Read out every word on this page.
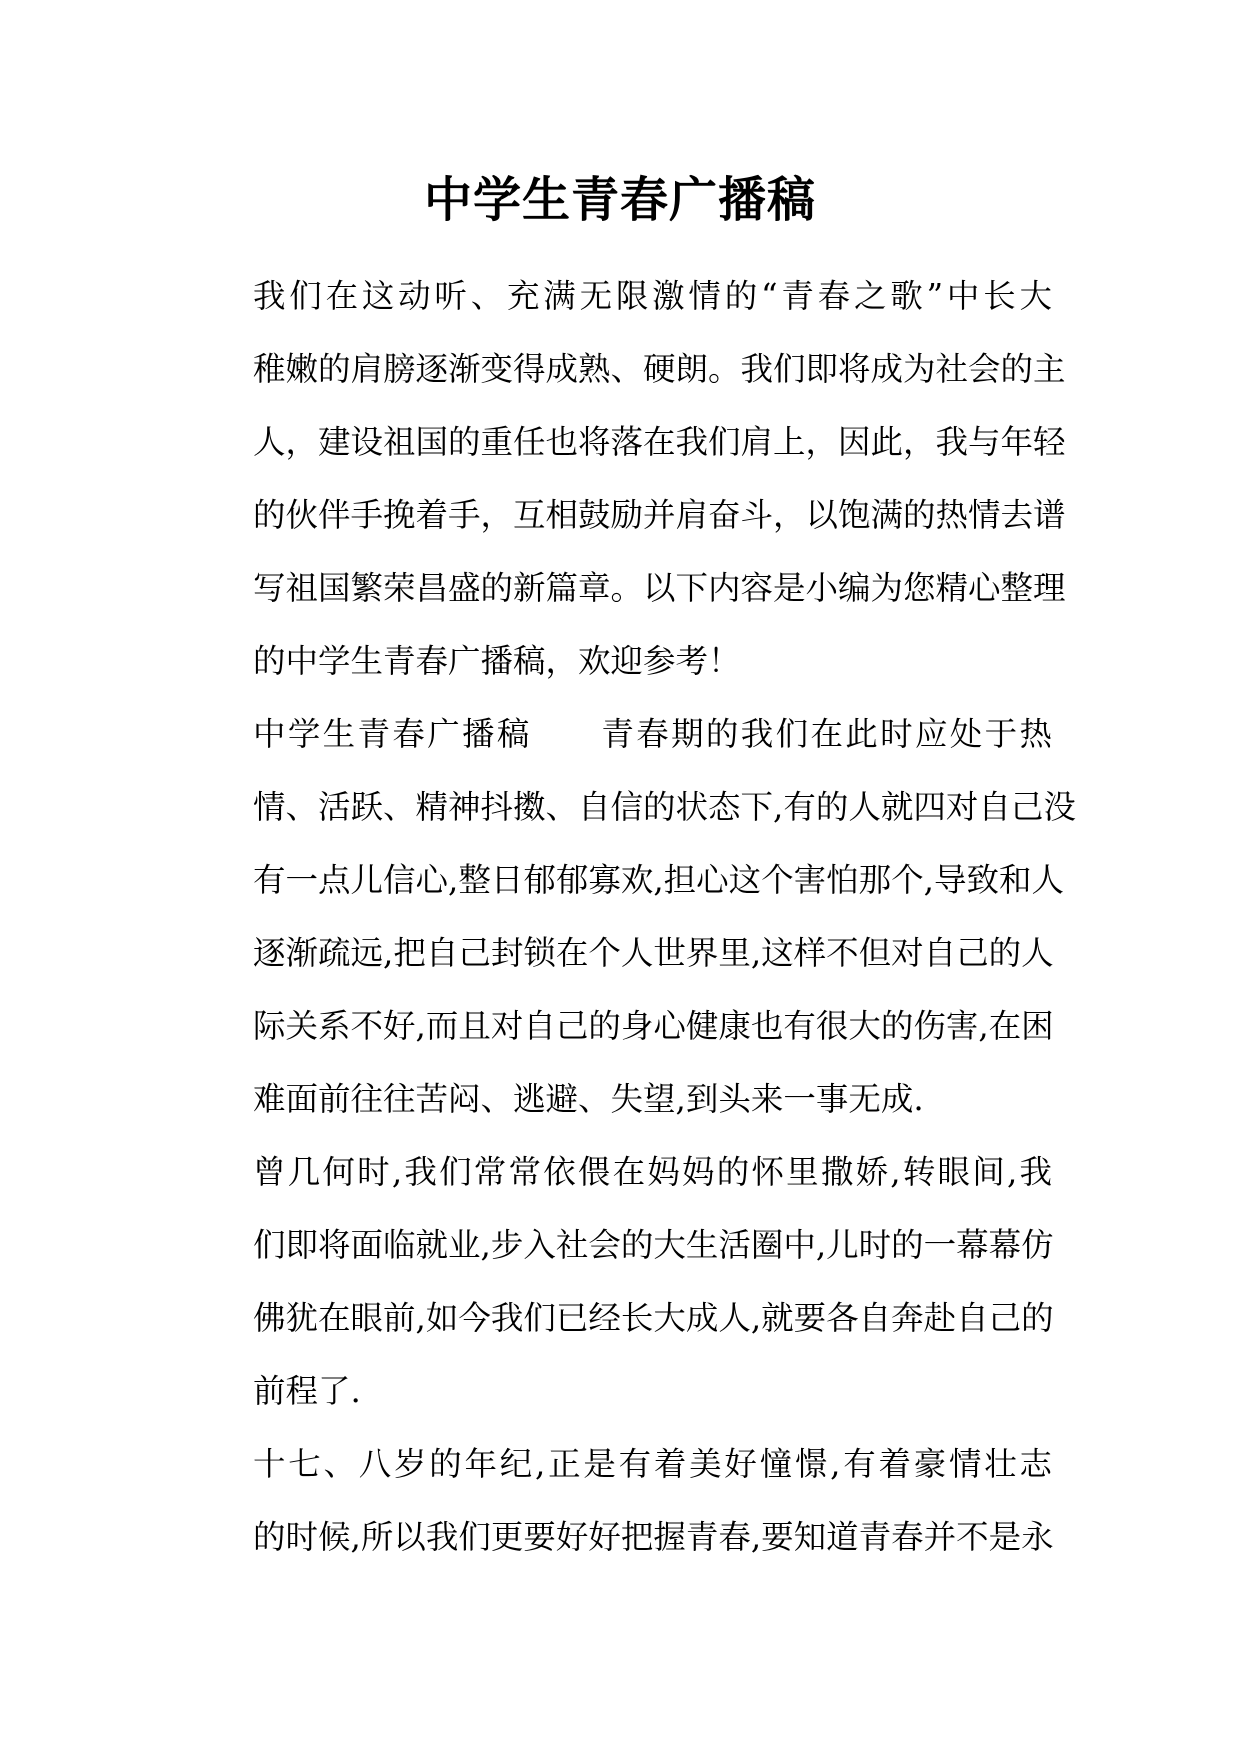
中学生青春广播稿

我们在这动听、充满无限激情的“青春之歌”中长大
稚嫩的肩膀逐渐变得成熟、硬朗。我们即将成为社会的主
人，建设祖国的重任也将落在我们肩上，因此，我与年轻
的伙伴手挽着手，互相鼓励并肩奋斗，以饱满的热情去谱
写祖国繁荣昌盛的新篇章。以下内容是小编为您精心整理
的中学生青春广播稿，欢迎参考！

中学生青春广播稿　　青春期的我们在此时应处于热
情、活跃、精神抖擞、自信的状态下,有的人就四对自己没
有一点儿信心,整日郁郁寡欢,担心这个害怕那个,导致和人
逐渐疏远,把自己封锁在个人世界里,这样不但对自己的人
际关系不好,而且对自己的身心健康也有很大的伤害,在困
难面前往往苦闷、逃避、失望,到头来一事无成.

曾几何时,我们常常依偎在妈妈的怀里撒娇,转眼间,我
们即将面临就业,步入社会的大生活圈中,儿时的一幕幕仿
佛犹在眼前,如今我们已经长大成人,就要各自奔赴自己的
前程了.

十七、八岁的年纪,正是有着美好憧憬,有着豪情壮志
的时候,所以我们更要好好把握青春,要知道青春并不是永
